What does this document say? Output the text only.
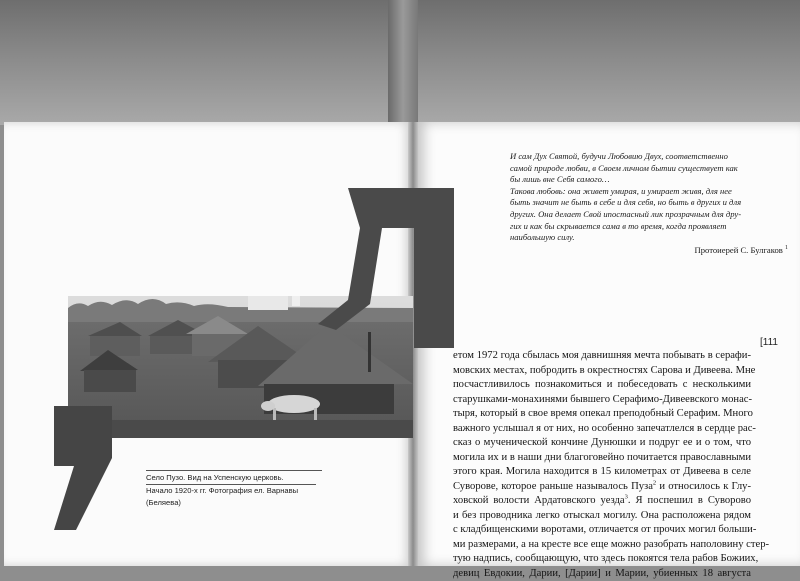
Село Пузо. Вид на Успенскую церковь.
Начало 1920-х гг. Фотография ел. Варнавы (Беляева)

И сам Дух Святой, будучи Любовию Двух, соответственно

самой природе любви, в Своем личном бытии существует как

бы лишь вне Себя самого…

Такова любовь: она живет умирая, и умирает живя, для нее

быть значит не быть в себе и для себя, но быть в других и для

других. Она делает Свой ипостасный лик прозрачным для дру-

гих и как бы скрывается сама в то время, когда проявляет

наибольшую силу.

Протоиерей С. Булгаков $^1$
[111
етом 1972 года сбылась моя давнишняя мечта побывать в серафи-
мовских местах, побродить в окрестностях Сарова и Дивеева. Мне
посчастливилось познакомиться и побеседовать с несколькими
старушками-монахинями бывшего Серафимо-Дивеевского монас-
тыря, который в свое время опекал преподобный Серафим. Много
важного услышал я от них, но особенно запечатлелся в сердце рас-
сказ о мученической кончине Дунюшки и подруг ее и о том, что
могила их и в наши дни благоговейно почитается православными
этого края. Могила находится в 15 километрах от Дивеева в селе
Суворове, которое раньше называлось Пуза$^2$ и относилось к Глу-
ховской волости Ардатовского уезда$^3$. Я поспешил в Суворово
и без проводника легко отыскал могилу. Она расположена рядом
с кладбищенскими воротами, отличается от прочих могил больши-
ми размерами, а на кресте все еще можно разобрать наполовину стер-
тую надпись, сообщающую, что здесь покоятся тела рабов Божиих,
девиц Евдокии, Дарии, [Дарии] и Марии, убиенных 18 августа
